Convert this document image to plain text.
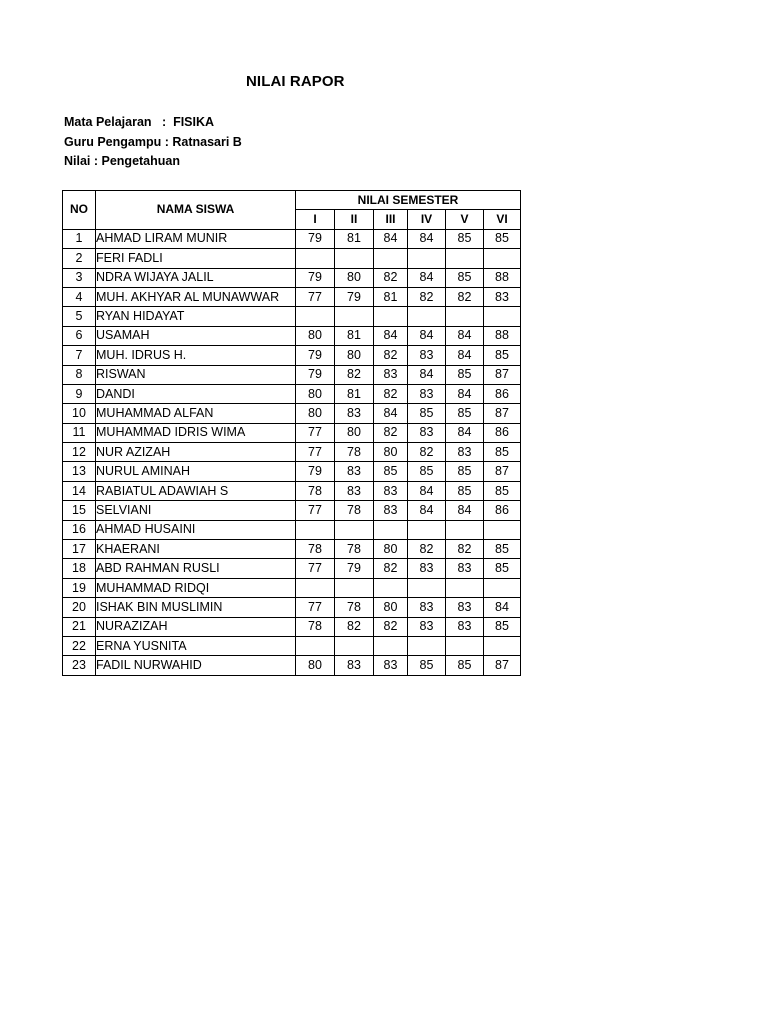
NILAI RAPOR
Mata Pelajaran   :  FISIKA
Guru Pengampu : Ratnasari B
Nilai : Pengetahuan
NO	NAMA SISWA	NILAI SEMESTER					
		I	II	III	IV	V	VI
1	AHMAD LIRAM MUNIR	79	81	84	84	85	85
2	FERI FADLI						
3	NDRA WIJAYA JALIL	79	80	82	84	85	88
4	MUH. AKHYAR AL MUNAWWAR	77	79	81	82	82	83
5	RYAN HIDAYAT						
6	USAMAH	80	81	84	84	84	88
7	MUH. IDRUS H.	79	80	82	83	84	85
8	RISWAN	79	82	83	84	85	87
9	DANDI	80	81	82	83	84	86
10	MUHAMMAD ALFAN	80	83	84	85	85	87
11	MUHAMMAD IDRIS WIMA	77	80	82	83	84	86
12	NUR AZIZAH	77	78	80	82	83	85
13	NURUL AMINAH	79	83	85	85	85	87
14	RABIATUL ADAWIAH S	78	83	83	84	85	85
15	SELVIANI	77	78	83	84	84	86
16	AHMAD HUSAINI						
17	KHAERANI	78	78	80	82	82	85
18	ABD RAHMAN RUSLI	77	79	82	83	83	85
19	MUHAMMAD RIDQI						
20	ISHAK BIN MUSLIMIN	77	78	80	83	83	84
21	NURAZIZAH	78	82	82	83	83	85
22	ERNA YUSNITA						
23	FADIL NURWAHID	80	83	83	85	85	87
